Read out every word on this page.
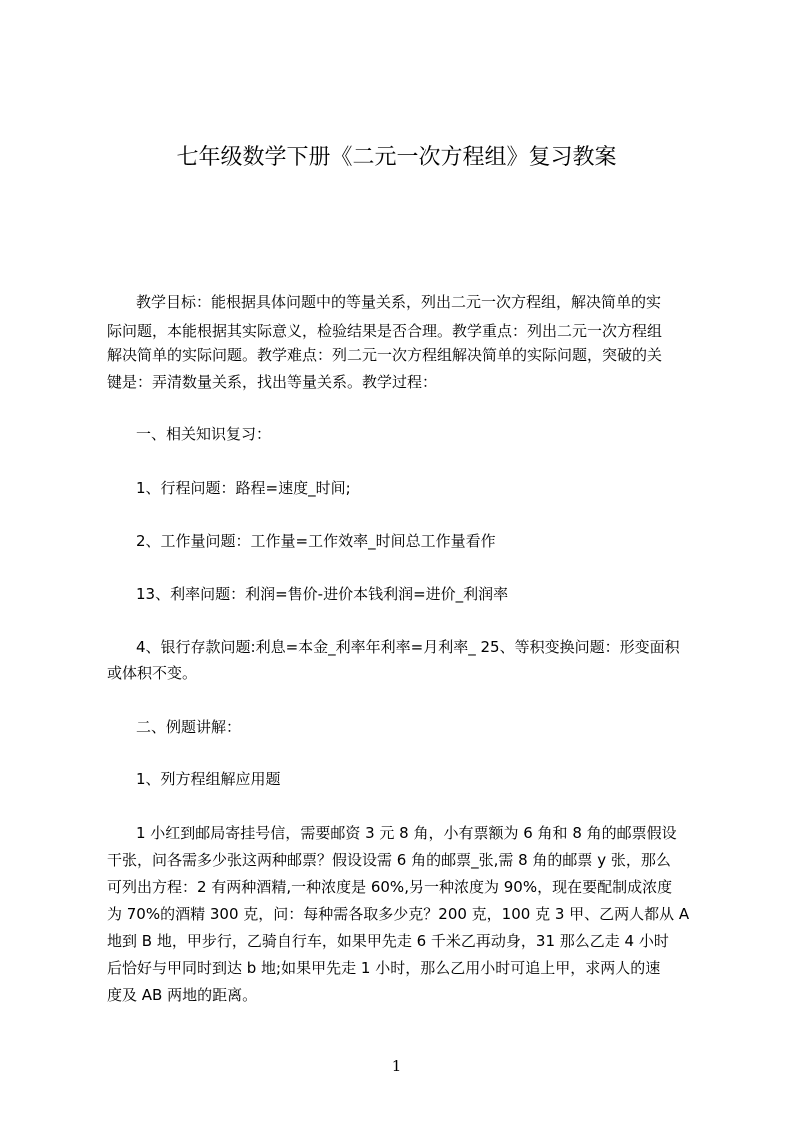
七年级数学下册《二元一次方程组》复习教案
教学目标：能根据具体问题中的等量关系，列出二元一次方程组，解决简单的实
际问题，本能根据其实际意义，检验结果是否合理。教学重点：列出二元一次方程组
解决简单的实际问题。教学难点：列二元一次方程组解决简单的实际问题，突破的关
键是：弄清数量关系，找出等量关系。教学过程：
一、相关知识复习：
1、行程问题：路程=速度_时间;
2、工作量问题：工作量=工作效率_时间总工作量看作
13、利率问题：利润=售价-进价本钱利润=进价_利润率
4、银行存款问题:利息=本金_利率年利率=月利率_ 25、等积变换问题：形变面积
或体积不变。
二、例题讲解：
1、列方程组解应用题
1 小红到邮局寄挂号信，需要邮资 3 元 8 角，小有票额为 6 角和 8 角的邮票假设
干张，问各需多少张这两种邮票？假设设需 6 角的邮票_张,需 8 角的邮票 y 张，那么
可列出方程：2 有两种酒精,一种浓度是 60%,另一种浓度为 90%，现在要配制成浓度
为 70%的酒精 300 克，问：每种需各取多少克？200 克，100 克 3 甲、乙两人都从 A
地到 B 地，甲步行，乙骑自行车，如果甲先走 6 千米乙再动身，31 那么乙走 4 小时
后恰好与甲同时到达 b 地;如果甲先走 1 小时，那么乙用小时可追上甲，求两人的速
度及 AB 两地的距离。
1
